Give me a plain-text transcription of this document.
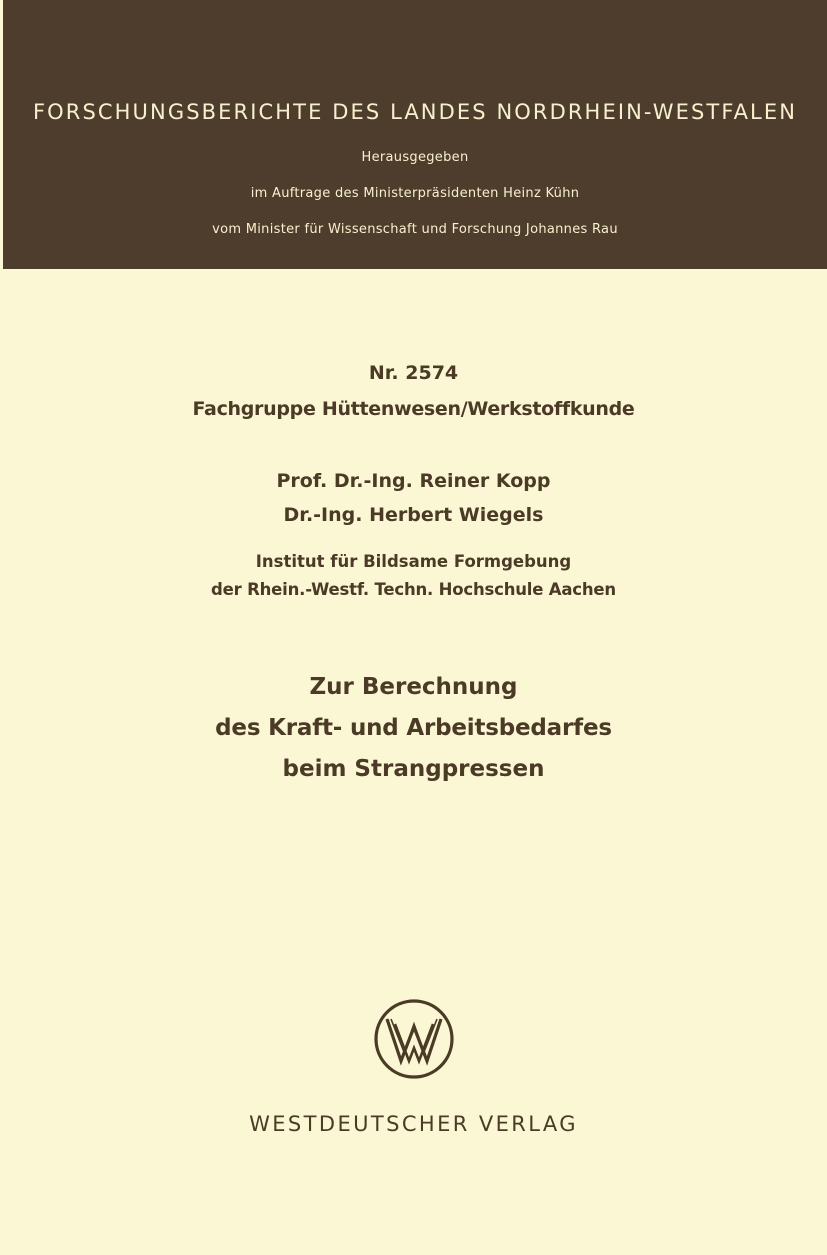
FORSCHUNGSBERICHTE DES LANDES NORDRHEIN-WESTFALEN
Herausgegeben
im Auftrage des Ministerpräsidenten Heinz Kühn
vom Minister für Wissenschaft und Forschung Johannes Rau
Nr. 2574
Fachgruppe Hüttenwesen/Werkstoffkunde
Prof. Dr.-Ing. Reiner Kopp
Dr.-Ing. Herbert Wiegels
Institut für Bildsame Formgebung
der Rhein.-Westf. Techn. Hochschule Aachen
Zur Berechnung
des Kraft- und Arbeitsbedarfes
beim Strangpressen
WESTDEUTSCHER VERLAG
